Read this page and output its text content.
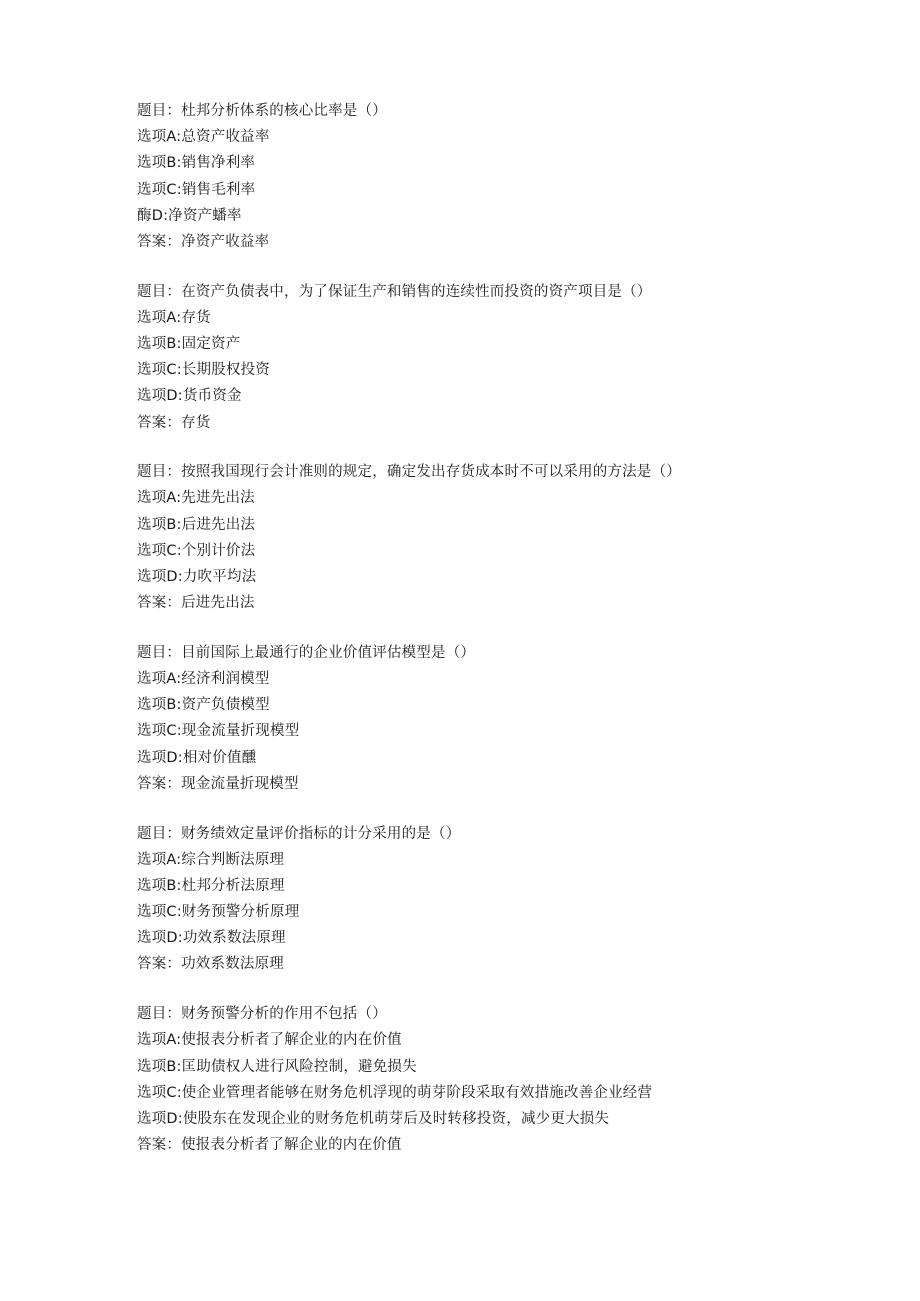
题目：杜邦分析体系的核心比率是（）
选项A:总资产收益率
选项B:销售净利率
选项C:销售毛利率
酶D:净资产蟠率
答案：净资产收益率
题目：在资产负债表中，为了保证生产和销售的连续性而投资的资产项目是（）
选项A:存货
选项B:固定资产
选项C:长期股权投资
选项D:货币资金
答案：存货
题目：按照我国现行会计准则的规定，确定发出存货成本时不可以采用的方法是（）
选项A:先进先出法
选项B:后进先出法
选项C:个别计价法
选项D:力吹平均法
答案：后进先出法
题目：目前国际上最通行的企业价值评估模型是（）
选项A:经济利润模型
选项B:资产负债模型
选项C:现金流量折现模型
选项D:相对价值醺
答案：现金流量折现模型
题目：财务绩效定量评价指标的计分采用的是（）
选项A:综合判断法原理
选项B:杜邦分析法原理
选项C:财务预警分析原理
选项D:功效系数法原理
答案：功效系数法原理
题目：财务预警分析的作用不包括（）
选项A:使报表分析者了解企业的内在价值
选项B:匡助债权人进行风险控制，避免损失
选项C:使企业管理者能够在财务危机浮现的萌芽阶段采取有效措施改善企业经营
选项D:使股东在发现企业的财务危机萌芽后及时转移投资，减少更大损失
答案：使报表分析者了解企业的内在价值
